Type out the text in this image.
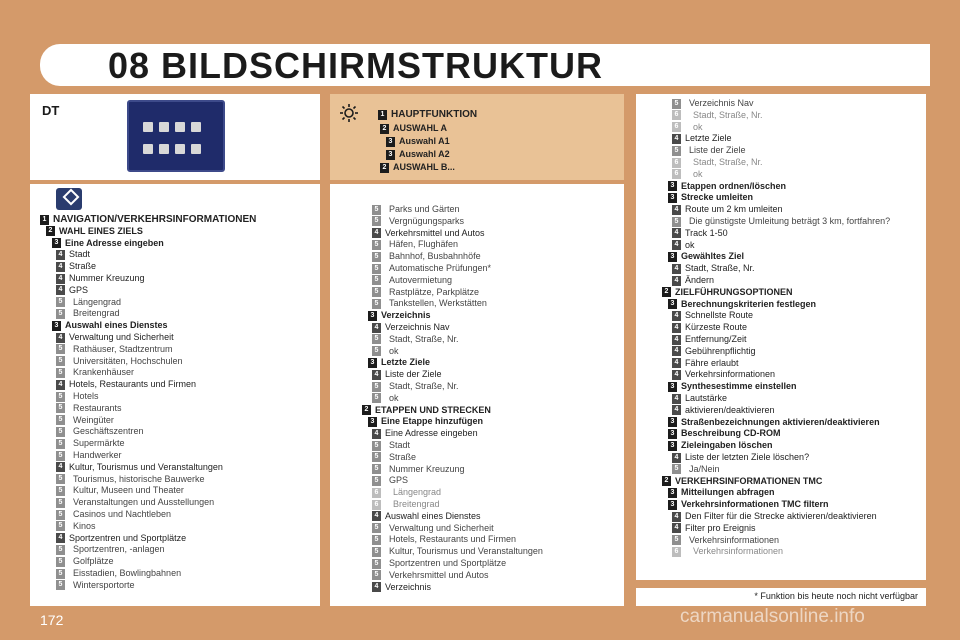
08 BILDSCHIRMSTRUKTUR
DT	1 HAUPTFUNKTION
2 AUSWAHL A
3 Auswahl A1
3 Auswahl A2
2 AUSWAHL B...
1 NAVIGATION/VERKEHRSINFORMATIONEN
2 WAHL EINES ZIELS
3 Eine Adresse eingeben
4 Stadt
4 Straße
4 Nummer Kreuzung
4 GPS
5 Längengrad
5 Breitengrad
3 Auswahl eines Dienstes
4 Verwaltung und Sicherheit
5 Rathäuser, Stadtzentrum
5 Universitäten, Hochschulen
5 Krankenhäuser
4 Hotels, Restaurants und Firmen
5 Hotels
5 Restaurants
5 Weingüter
5 Geschäftszentren
5 Supermärkte
5 Handwerker
4 Kultur, Tourismus und Veranstaltungen
5 Tourismus, historische Bauwerke
5 Kultur, Museen und Theater
5 Veranstaltungen und Ausstellungen
5 Casinos und Nachtleben
5 Kinos
4 Sportzentren und Sportplätze
5 Sportzentren, -anlagen
5 Golfplätze
5 Eisstadien, Bowlingbahnen
5 Wintersportorte
5 Parks und Gärten
5 Vergnügungsparks
4 Verkehrsmittel und Autos
5 Häfen, Flughäfen
5 Bahnhof, Busbahnhöfe
5 Automatische Prüfungen*
5 Autovermietung
5 Rastplätze, Parkplätze
5 Tankstellen, Werkstätten
3 Verzeichnis
4 Verzeichnis Nav
5 Stadt, Straße, Nr.
5 ok
3 Letzte Ziele
4 Liste der Ziele
5 Stadt, Straße, Nr.
5 ok
2 ETAPPEN UND STRECKEN
3 Eine Etappe hinzufügen
4 Eine Adresse eingeben
5 Stadt
5 Straße
5 Nummer Kreuzung
5 GPS
6 Längengrad
6 Breitengrad
4 Auswahl eines Dienstes
5 Verwaltung und Sicherheit
5 Hotels, Restaurants und Firmen
5 Kultur, Tourismus und Veranstaltungen
5 Sportzentren und Sportplätze
5 Verkehrsmittel und Autos
4 Verzeichnis
5 Verzeichnis Nav
6 Stadt, Straße, Nr.
6 ok
4 Letzte Ziele
5 Liste der Ziele
6 Stadt, Straße, Nr.
6 ok
3 Etappen ordnen/löschen
3 Strecke umleiten
4 Route um 2 km umleiten
5 Die günstigste Umleitung beträgt 3 km, fortfahren?
4 Track 1-50
4 ok
3 Gewähltes Ziel
4 Stadt, Straße, Nr.
4 Ändern
2 ZIELFÜHRUNGSOPTIONEN
3 Berechnungskriterien festlegen
4 Schnellste Route
4 Kürzeste Route
4 Entfernung/Zeit
4 Gebührenpflichtig
4 Fähre erlaubt
4 Verkehrsinformationen
3 Synthesestimme einstellen
4 Lautstärke
4 aktivieren/deaktivieren
3 Straßenbezeichnungen aktivieren/deaktivieren
3 Beschreibung CD-ROM
3 Zieleingaben löschen
4 Liste der letzten Ziele löschen?
5 Ja/Nein
2 VERKEHRSINFORMATIONEN TMC
3 Mitteilungen abfragen
3 Verkehrsinformationen TMC filtern
4 Den Filter für die Strecke aktivieren/deaktivieren
4 Filter pro Ereignis
5 Verkehrsinformationen
6 Verkehrsinformationen
* Funktion bis heute noch nicht verfügbar
172	carmanualsonline.info
